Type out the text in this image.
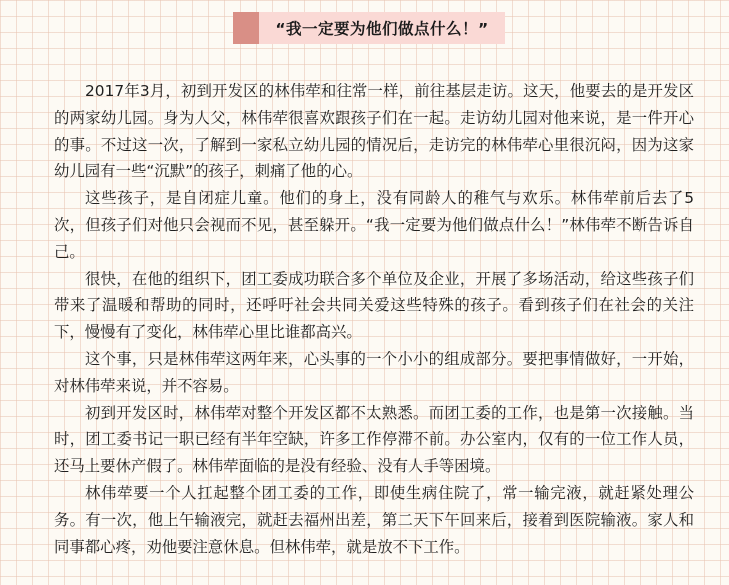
“我一定要为他们做点什么！”

2017年3月，初到开发区的林伟荦和往常一样，前往基层走访。这天，他要去的是开发区的两家幼儿园。身为人父，林伟荦很喜欢跟孩子们在一起。走访幼儿园对他来说，是一件开心的事。不过这一次，了解到一家私立幼儿园的情况后，走访完的林伟荦心里很沉闷，因为这家幼儿园有一些“沉默”的孩子，刺痛了他的心。

这些孩子，是自闭症儿童。他们的身上，没有同龄人的稚气与欢乐。林伟荦前后去了5次，但孩子们对他只会视而不见，甚至躲开。“我一定要为他们做点什么！”林伟荦不断告诉自己。

很快，在他的组织下，团工委成功联合多个单位及企业，开展了多场活动，给这些孩子们带来了温暖和帮助的同时，还呼吁社会共同关爱这些特殊的孩子。看到孩子们在社会的关注下，慢慢有了变化，林伟荦心里比谁都高兴。

这个事，只是林伟荦这两年来，心头事的一个小小的组成部分。要把事情做好，一开始，对林伟荦来说，并不容易。

初到开发区时，林伟荦对整个开发区都不太熟悉。而团工委的工作，也是第一次接触。当时，团工委书记一职已经有半年空缺，许多工作停滞不前。办公室内，仅有的一位工作人员，还马上要休产假了。林伟荦面临的是没有经验、没有人手等困境。

林伟荦要一个人扛起整个团工委的工作，即使生病住院了，常一输完液，就赶紧处理公务。有一次，他上午输液完，就赶去福州出差，第二天下午回来后，接着到医院输液。家人和同事都心疼，劝他要注意休息。但林伟荦，就是放不下工作。
